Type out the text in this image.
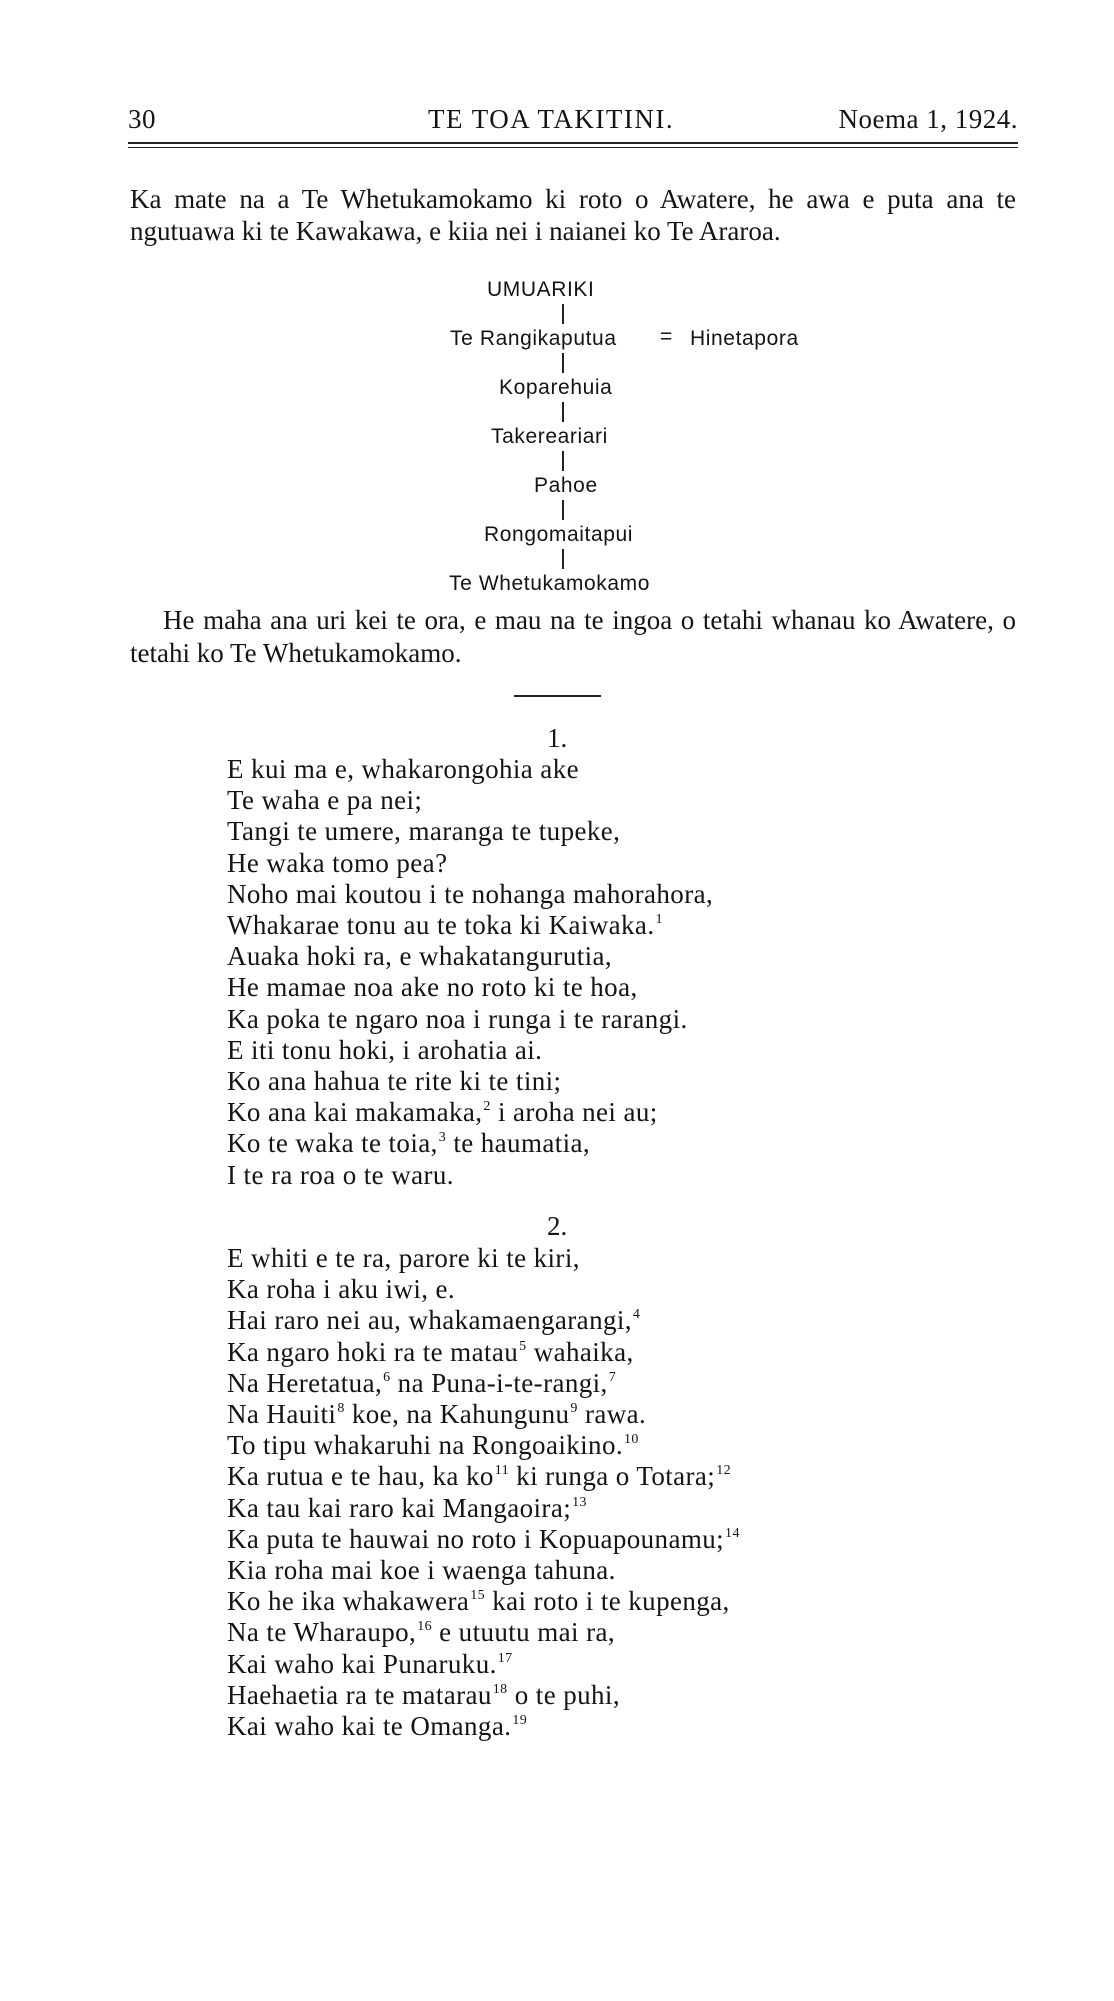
30	TE TOA TAKITINI.	Noema 1, 1924.
Ka mate na a Te Whetukamokamo ki roto o Awatere, he awa e puta ana te ngutuawa ki te Kawakawa, e kiia nei i naianei ko Te Araroa.
UMUARIKI
Te Rangikaputua = Hinetapora
Koparehuia
Takereariari
Pahoe
Rongomaitapui
Te Whetukamokamo
He maha ana uri kei te ora, e mau na te ingoa o tetahi whanau ko Awatere, o tetahi ko Te Whetukamokamo.
1.
E kui ma e, whakarongohia ake
Te waha e pa nei;
Tangi te umere, maranga te tupeke,
He waka tomo pea?
Noho mai koutou i te nohanga mahorahora,
Whakarae tonu au te toka ki Kaiwaka.$^1$
Auaka hoki ra, e whakatangurutia,
He mamae noa ake no roto ki te hoa,
Ka poka te ngaro noa i runga i te rarangi.
E iti tonu hoki, i arohatia ai.
Ko ana hahua te rite ki te tini;
Ko ana kai makamaka,$^2$ i aroha nei au;
Ko te waka te toia,$^3$ te haumatia,
I te ra roa o te waru.
2.
E whiti e te ra, parore ki te kiri,
Ka roha i aku iwi, e.
Hai raro nei au, whakamaengarangi,$^4$
Ka ngaro hoki ra te matau$^5$ wahaika,
Na Heretatua,$^6$ na Puna-i-te-rangi,$^7$
Na Hauiti$^8$ koe, na Kahungunu$^9$ rawa.
To tipu whakaruhi na Rongoaikino.$^{10}$
Ka rutua e te hau, ka $ko^{11}$ ki runga o Totara;$^{12}$
Ka tau kai raro kai Mangaoira;$^{13}$
Ka puta te hauwai no roto i Kopuapounamu;$^{14}$
Kia roha mai koe i waenga tahuna.
Ko he ika whakawera$^{15}$ kai roto i te kupenga,
Na te Wharaupo,$^{16}$ e utuutu mai ra,
Kai waho kai Punaruku.$^{17}$
Haehaetia ra te matarau$^{18}$ o te puhi,
Kai waho kai te Omanga.$^{19}$
